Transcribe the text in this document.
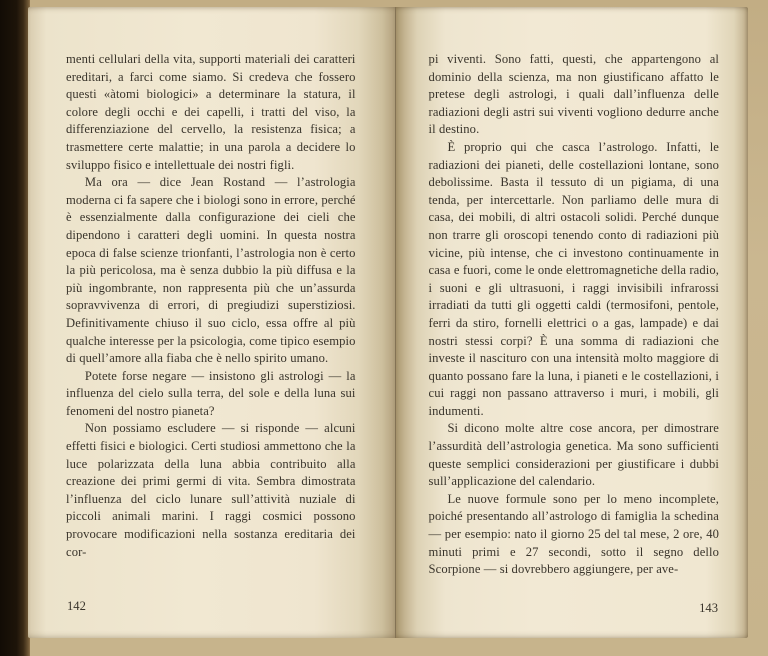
menti cellulari della vita, supporti materiali dei caratteri ereditari, a farci come siamo. Si credeva che fossero questi «àtomi biologici» a determinare la statura, il colore degli occhi e dei capelli, i tratti del viso, la differenziazione del cervello, la resistenza fisica; a trasmettere certe malattie; in una parola a decidere lo sviluppo fisico e intellettuale dei nostri figli.

Ma ora — dice Jean Rostand — l’astrologia moderna ci fa sapere che i biologi sono in errore, perché è essenzialmente dalla configurazione dei cieli che dipendono i caratteri degli uomini. In questa nostra epoca di false scienze trionfanti, l’astrologia non è certo la più pericolosa, ma è senza dubbio la più diffusa e la più ingombrante, non rappresenta più che un’assurda sopravvivenza di errori, di pregiudizi superstiziosi. Definitivamente chiuso il suo ciclo, essa offre al più qualche interesse per la psicologia, come tipico esempio di quell’amore alla fiaba che è nello spirito umano.

Potete forse negare — insistono gli astrologi — la influenza del cielo sulla terra, del sole e della luna sui fenomeni del nostro pianeta?

Non possiamo escludere — si risponde — alcuni effetti fisici e biologici. Certi studiosi ammettono che la luce polarizzata della luna abbia contribuito alla creazione dei primi germi di vita. Sembra dimostrata l’influenza del ciclo lunare sull’attività nuziale di piccoli animali marini. I raggi cosmici possono provocare modificazioni nella sostanza ereditaria dei cor-

142

pi viventi. Sono fatti, questi, che appartengono al dominio della scienza, ma non giustificano affatto le pretese degli astrologi, i quali dall’influenza delle radiazioni degli astri sui viventi vogliono dedurre anche il destino.

È proprio qui che casca l’astrologo. Infatti, le radiazioni dei pianeti, delle costellazioni lontane, sono debolissime. Basta il tessuto di un pigiama, di una tenda, per intercettarle. Non parliamo delle mura di casa, dei mobili, di altri ostacoli solidi. Perché dunque non trarre gli oroscopi tenendo conto di radiazioni più vicine, più intense, che ci investono continuamente in casa e fuori, come le onde elettromagnetiche della radio, i suoni e gli ultrasuoni, i raggi invisibili infrarossi irradiati da tutti gli oggetti caldi (termosifoni, pentole, ferri da stiro, fornelli elettrici o a gas, lampade) e dai nostri stessi corpi? È una somma di radiazioni che investe il nascituro con una intensità molto maggiore di quanto possano fare la luna, i pianeti e le costellazioni, i cui raggi non passano attraverso i muri, i mobili, gli indumenti.

Si dicono molte altre cose ancora, per dimostrare l’assurdità dell’astrologia genetica. Ma sono sufficienti queste semplici considerazioni per giustificare i dubbi sull’applicazione del calendario.

Le nuove formule sono per lo meno incomplete, poiché presentando all’astrologo di famiglia la schedina — per esempio: nato il giorno 25 del tal mese, 2 ore, 40 minuti primi e 27 secondi, sotto il segno dello Scorpione — si dovrebbero aggiungere, per ave-

143
